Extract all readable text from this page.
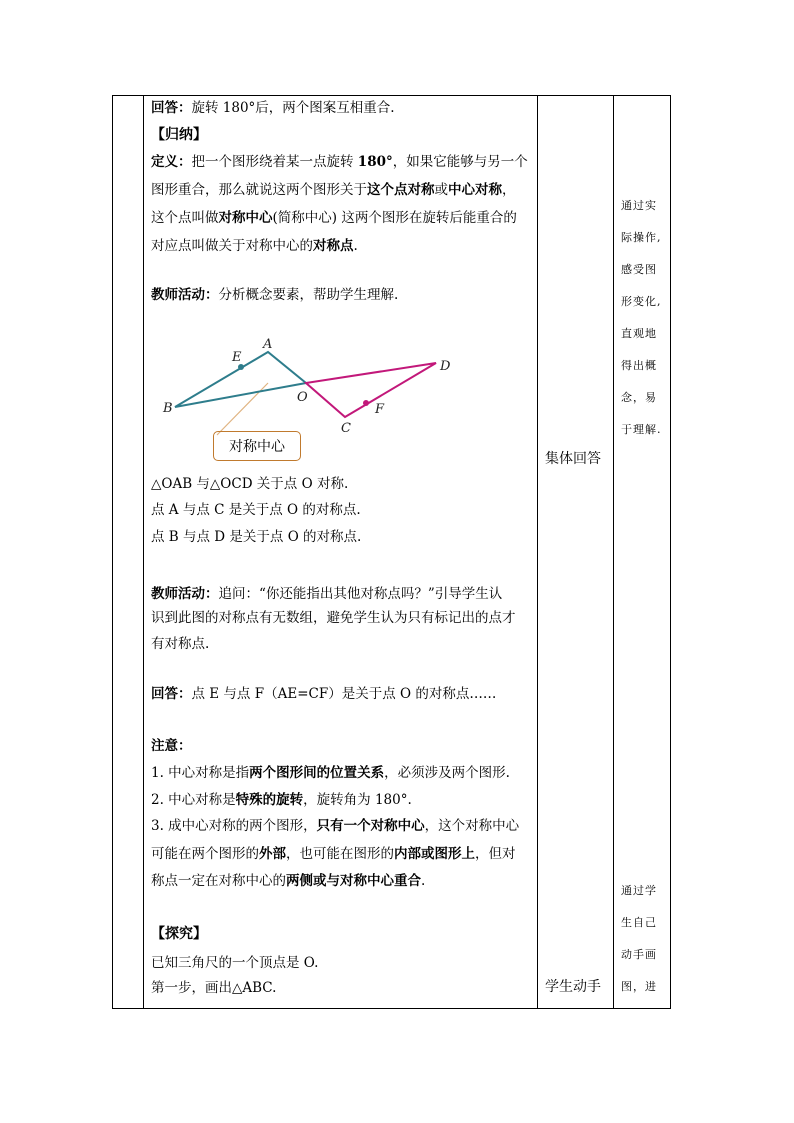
回答：旋转 180°后，两个图案互相重合.
【归纳】
定义：把一个图形绕着某一点旋转 180°，如果它能够与另一个
图形重合，那么就说这两个图形关于这个点对称或中心对称，
这个点叫做对称中心(简称中心) 这两个图形在旋转后能重合的
对应点叫做关于对称中心的对称点.
教师活动：分析概念要素，帮助学生理解.
△OAB 与△OCD 关于点 O 对称.
点 A 与点 C 是关于点 O 的对称点.
点 B 与点 D 是关于点 O 的对称点.
教师活动：追问：“你还能指出其他对称点吗？”引导学生认
识到此图的对称点有无数组，避免学生认为只有标记出的点才
有对称点.
回答：点 E 与点 F（AE=CF）是关于点 O 的对称点……
注意：
1. 中心对称是指两个图形间的位置关系，必须涉及两个图形.
2. 中心对称是特殊的旋转，旋转角为 180°.
3. 成中心对称的两个图形，只有一个对称中心，这个对称中心
可能在两个图形的外部，也可能在图形的内部或图形上，但对
称点一定在对称中心的两侧或与对称中心重合.
【探究】
已知三角尺的一个顶点是 O.
第一步，画出△ABC.
A
B
C
D
E
F
O
对称中心
集体回答
学生动手
通过实
际操作,
感受图
形变化,
直观地
得出概
念，易
于理解.
通过学
生自己
动手画
图，进
